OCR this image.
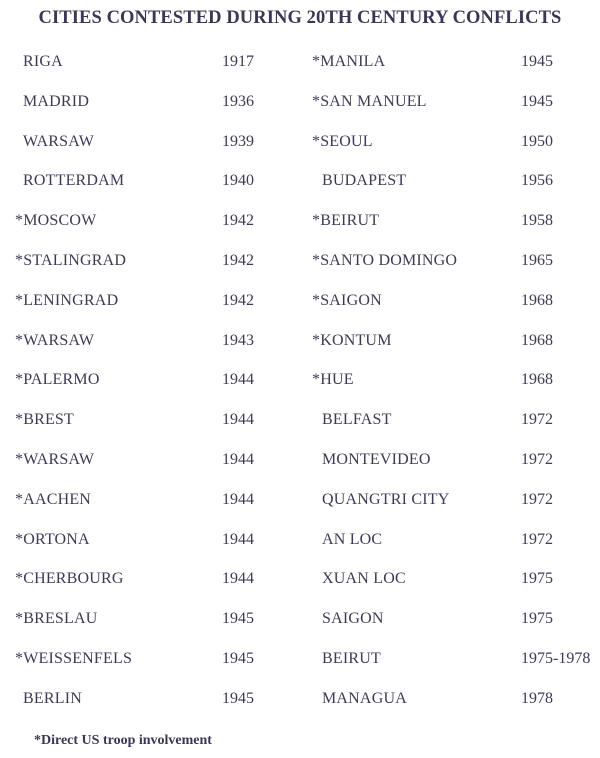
CITIES CONTESTED DURING 20TH CENTURY CONFLICTS
RIGA	1917
MADRID	1936
WARSAW	1939
ROTTERDAM	1940
*MOSCOW	1942
*STALINGRAD	1942
*LENINGRAD	1942
*WARSAW	1943
*PALERMO	1944
*BREST	1944
*WARSAW	1944
*AACHEN	1944
*ORTONA	1944
*CHERBOURG	1944
*BRESLAU	1945
*WEISSENFELS	1945
BERLIN	1945
*MANILA	1945
*SAN MANUEL	1945
*SEOUL	1950
BUDAPEST	1956
*BEIRUT	1958
*SANTO DOMINGO	1965
*SAIGON	1968
*KONTUM	1968
*HUE	1968
BELFAST	1972
MONTEVIDEO	1972
QUANGTRI CITY	1972
AN LOC	1972
XUAN LOC	1975
SAIGON	1975
BEIRUT	1975-1978
MANAGUA	1978
*Direct US troop involvement
